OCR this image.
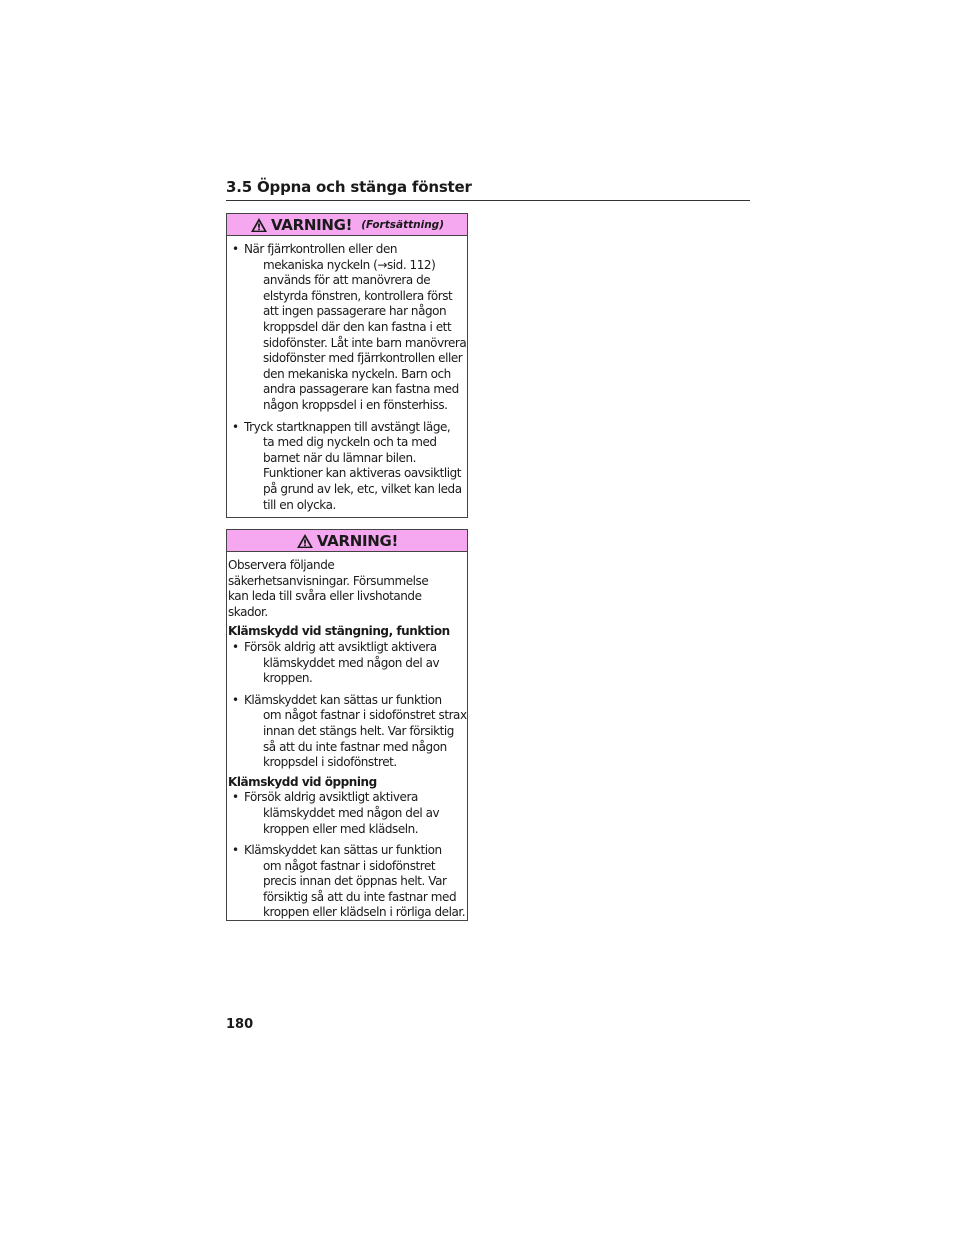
3.5 Öppna och stänga fönster
VARNING! (Fortsättning)
• När fjärrkontrollen eller den
mekaniska nyckeln (→sid. 112)
används för att manövrera de
elstyrda fönstren, kontrollera först
att ingen passagerare har någon
kroppsdel där den kan fastna i ett
sidofönster. Låt inte barn manövrera
sidofönster med fjärrkontrollen eller
den mekaniska nyckeln. Barn och
andra passagerare kan fastna med
någon kroppsdel i en fönsterhiss.
• Tryck startknappen till avstängt läge,
ta med dig nyckeln och ta med
barnet när du lämnar bilen.
Funktioner kan aktiveras oavsiktligt
på grund av lek, etc, vilket kan leda
till en olycka.
VARNING!
Observera följande
säkerhetsanvisningar. Försummelse
kan leda till svåra eller livshotande
skador.
Klämskydd vid stängning, funktion
• Försök aldrig att avsiktligt aktivera
klämskyddet med någon del av
kroppen.
• Klämskyddet kan sättas ur funktion
om något fastnar i sidofönstret strax
innan det stängs helt. Var försiktig
så att du inte fastnar med någon
kroppsdel i sidofönstret.
Klämskydd vid öppning
• Försök aldrig avsiktligt aktivera
klämskyddet med någon del av
kroppen eller med klädseln.
• Klämskyddet kan sättas ur funktion
om något fastnar i sidofönstret
precis innan det öppnas helt. Var
försiktig så att du inte fastnar med
kroppen eller klädseln i rörliga delar.
180
